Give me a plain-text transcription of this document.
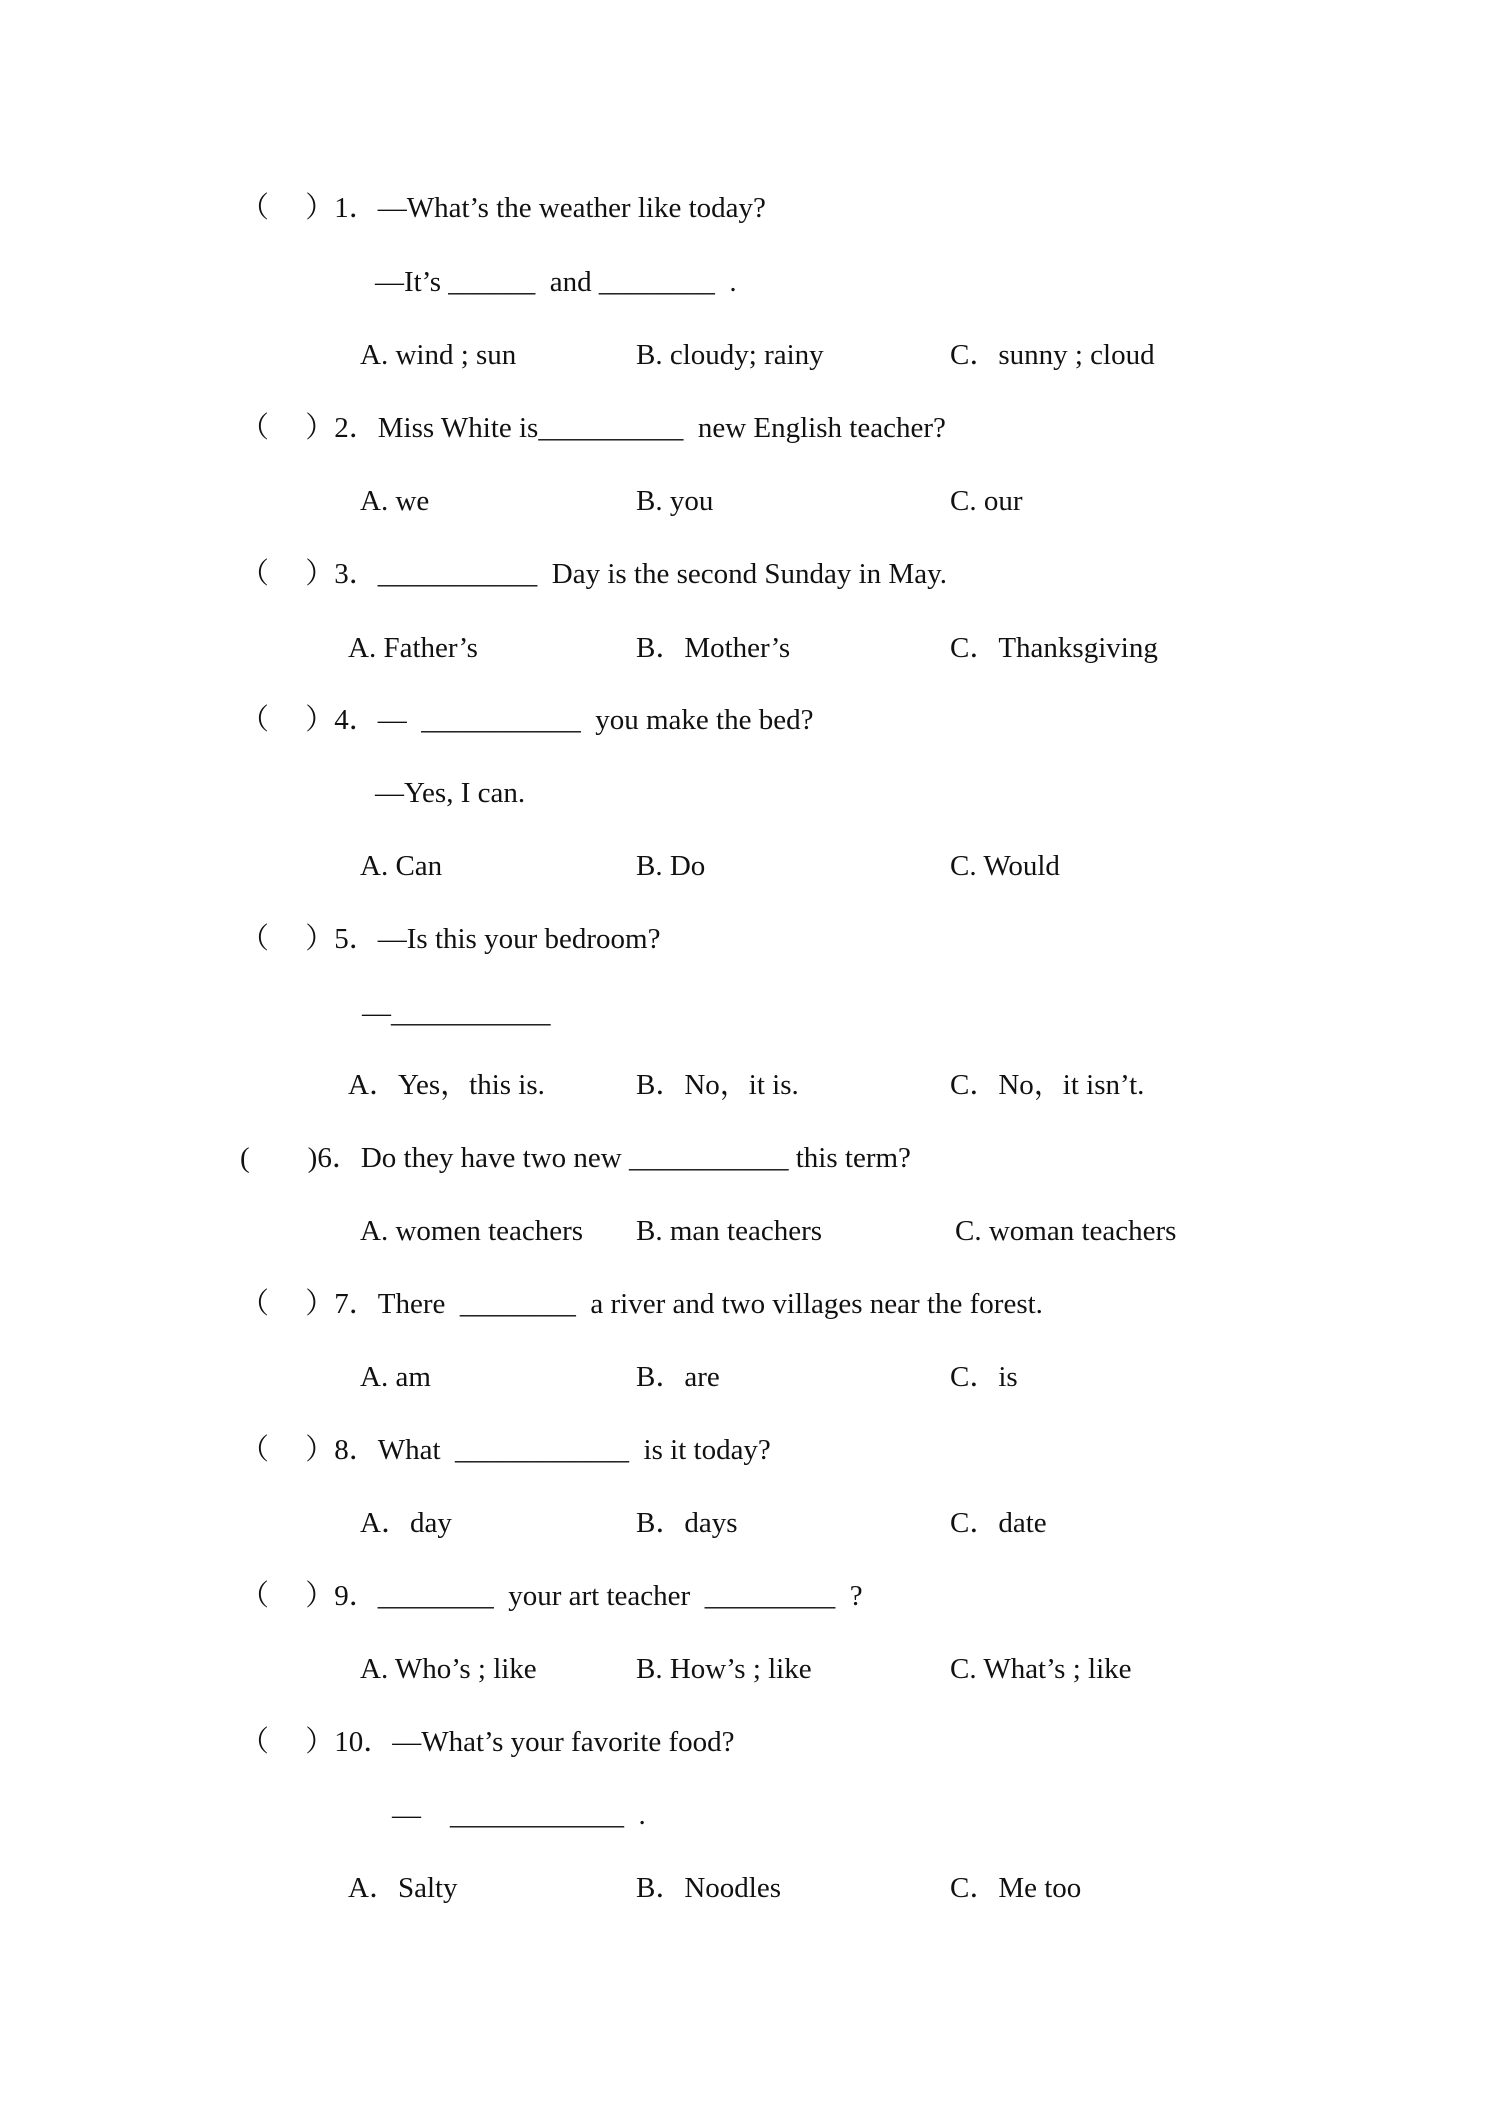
（　 ）1．—What’s the weather like today?
—It’s ______  and ________  .
A. wind ; sun	B. cloudy; rainy	C．sunny ; cloud
（　 ）2．Miss White is__________  new English teacher?
A. we	B. you	C. our
（　 ）3．___________  Day is the second Sunday in May.
A. Father’s	B．Mother’s	C．Thanksgiving
（　 ）4．—  ___________  you make the bed?
—Yes, I can.
A. Can	B. Do	C. Would
（　 ）5．—Is this your bedroom?
—___________
A．Yes，this is.	B．No，it is.	C．No，it isn’t.
(　　)6．Do they have two new ___________ this term?
A. women teachers B. man teachers	C. woman teachers
（　 ）7．There  ________  a river and two villages near the forest.
A. am	B．are	C．is
（　 ）8．What  ____________  is it today?
A．day	B．days	C．date
（　 ）9．________  your art teacher  _________  ?
A. Who’s ; like	B. How’s ; like	C. What’s ; like
（　 ）10．—What’s your favorite food?
—    ____________  .
A．Salty	B．Noodles	C．Me too
